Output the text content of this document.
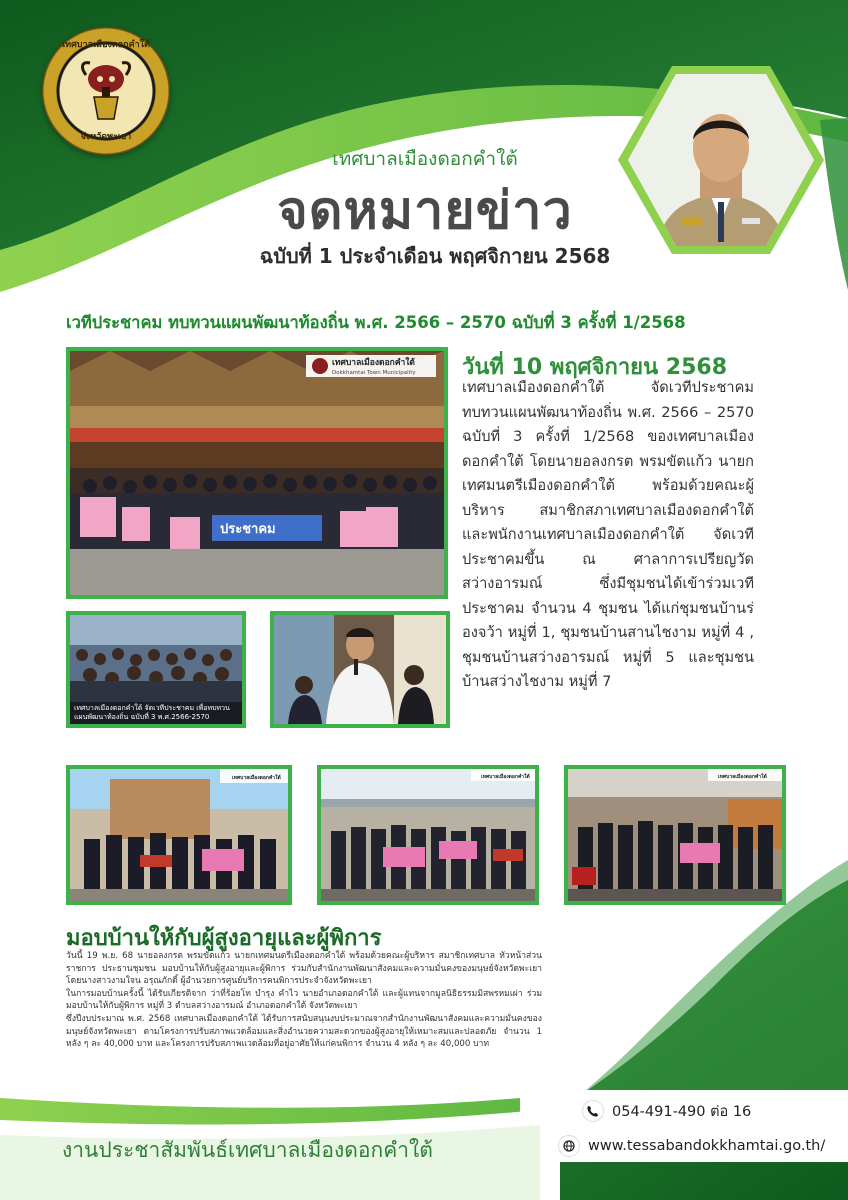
เทศบาลเมืองดอกคำใต้
จังหวัดพะเยา
เทศบาลเมืองดอกคำใต้
จดหมายข่าว
ฉบับที่ 1 ประจำเดือน พฤศจิกายน 2568
เวทีประชาคม ทบทวนแผนพัฒนาท้องถิ่น พ.ศ. 2566 – 2570 ฉบับที่ 3 ครั้งที่ 1/2568
เทศบาลเมืองดอกคำใต้
Dokkhamtai Town Municipality
ประชาคม
เทศบาลเมืองดอกคำใต้ จัดเวทีประชาคม เพื่อทบทวนแผนพัฒนาท้องถิ่น ฉบับที่ 3 พ.ศ.2566-2570
วันที่ 10 พฤศจิกายน 2568
เทศบาลเมืองดอกคำใต้ จัดเวทีประชาคมทบทวนแผนพัฒนาท้องถิ่น พ.ศ. 2566 – 2570 ฉบับที่ 3 ครั้งที่ 1/2568 ของเทศบาลเมืองดอกคำใต้ โดยนายอลงกรต พรมขัตแก้ว นายกเทศมนตรีเมืองดอกคำใต้ พร้อมด้วยคณะผู้บริหาร สมาชิกสภาเทศบาลเมืองดอกคำใต้ และพนักงานเทศบาลเมืองดอกคำใต้ จัดเวทีประชาคมขึ้น ณ ศาลาการเปรียญวัดสว่างอารมณ์ ซึ่งมีชุมชนได้เข้าร่วมเวทีประชาคม จำนวน 4 ชุมชน ได้แก่ชุมชนบ้านร่องจว้า หมู่ที่ 1, ชุมชนบ้านสานไชงาม หมู่ที่ 4 , ชุมชนบ้านสว่างอารมณ์ หมู่ที่ 5 และชุมชนบ้านสว่างไชงาม หมู่ที่ 7
เทศบาลเมืองดอกคำใต้	เทศบาลเมืองดอกคำใต้	เทศบาลเมืองดอกคำใต้
มอบบ้านให้กับผู้สูงอายุและผู้พิการ

วันนี้ 19 พ.ย. 68 นายอลงกรต พรมขัตแก้ว นายกเทศมนตรีเมืองดอกคำใต้ พร้อมด้วยคณะผู้บริหาร สมาชิกเทศบาล หัวหน้าส่วนราชการ ประธานชุมชน มอบบ้านให้กับผู้สูงอายุและผู้พิการ ร่วมกับสำนักงานพัฒนาสังคมและความมั่นคงของมนุษย์จังหวัดพะเยา โดยนางสาวงามใจน อรุณภักดิ์ ผู้อำนวยการศูนย์บริการคนพิการประจำจังหวัดพะเยา

ในการมอบบ้านครั้งนี้ ได้รับเกียรติจาก ว่าที่ร้อยโท บำรุง คำไว นายอำเภอดอกคำใต้ และผู้แทนจากมูลนิธิธรรมมิสพรหมเผ่า ร่วมมอบบ้านให้กับผู้พิการ หมู่ที่ 3 ตำบลสว่างอารมณ์ อำเภอดอกคำใต้ จังหวัดพะเยา

ซึ่งปีงบประมาณ พ.ศ. 2568 เทศบาลเมืองดอกคำใต้ ได้รับการสนับสนุนงบประมาณจากสำนักงานพัฒนาสังคมและความมั่นคงของมนุษย์จังหวัดพะเยา ตามโครงการปรับสภาพแวดล้อมและสิ่งอำนวยความสะดวกของผู้สูงอายุให้เหมาะสมและปลอดภัย จำนวน 1 หลัง ๆ ละ 40,000 บาท และโครงการปรับสภาพแวดล้อมที่อยู่อาศัยให้แก่คนพิการ จำนวน 4 หลัง ๆ ละ 40,000 บาท

งานประชาสัมพันธ์เทศบาลเมืองดอกคำใต้
054-491-490 ต่อ 16
www.tessabandokkhamtai.go.th/
